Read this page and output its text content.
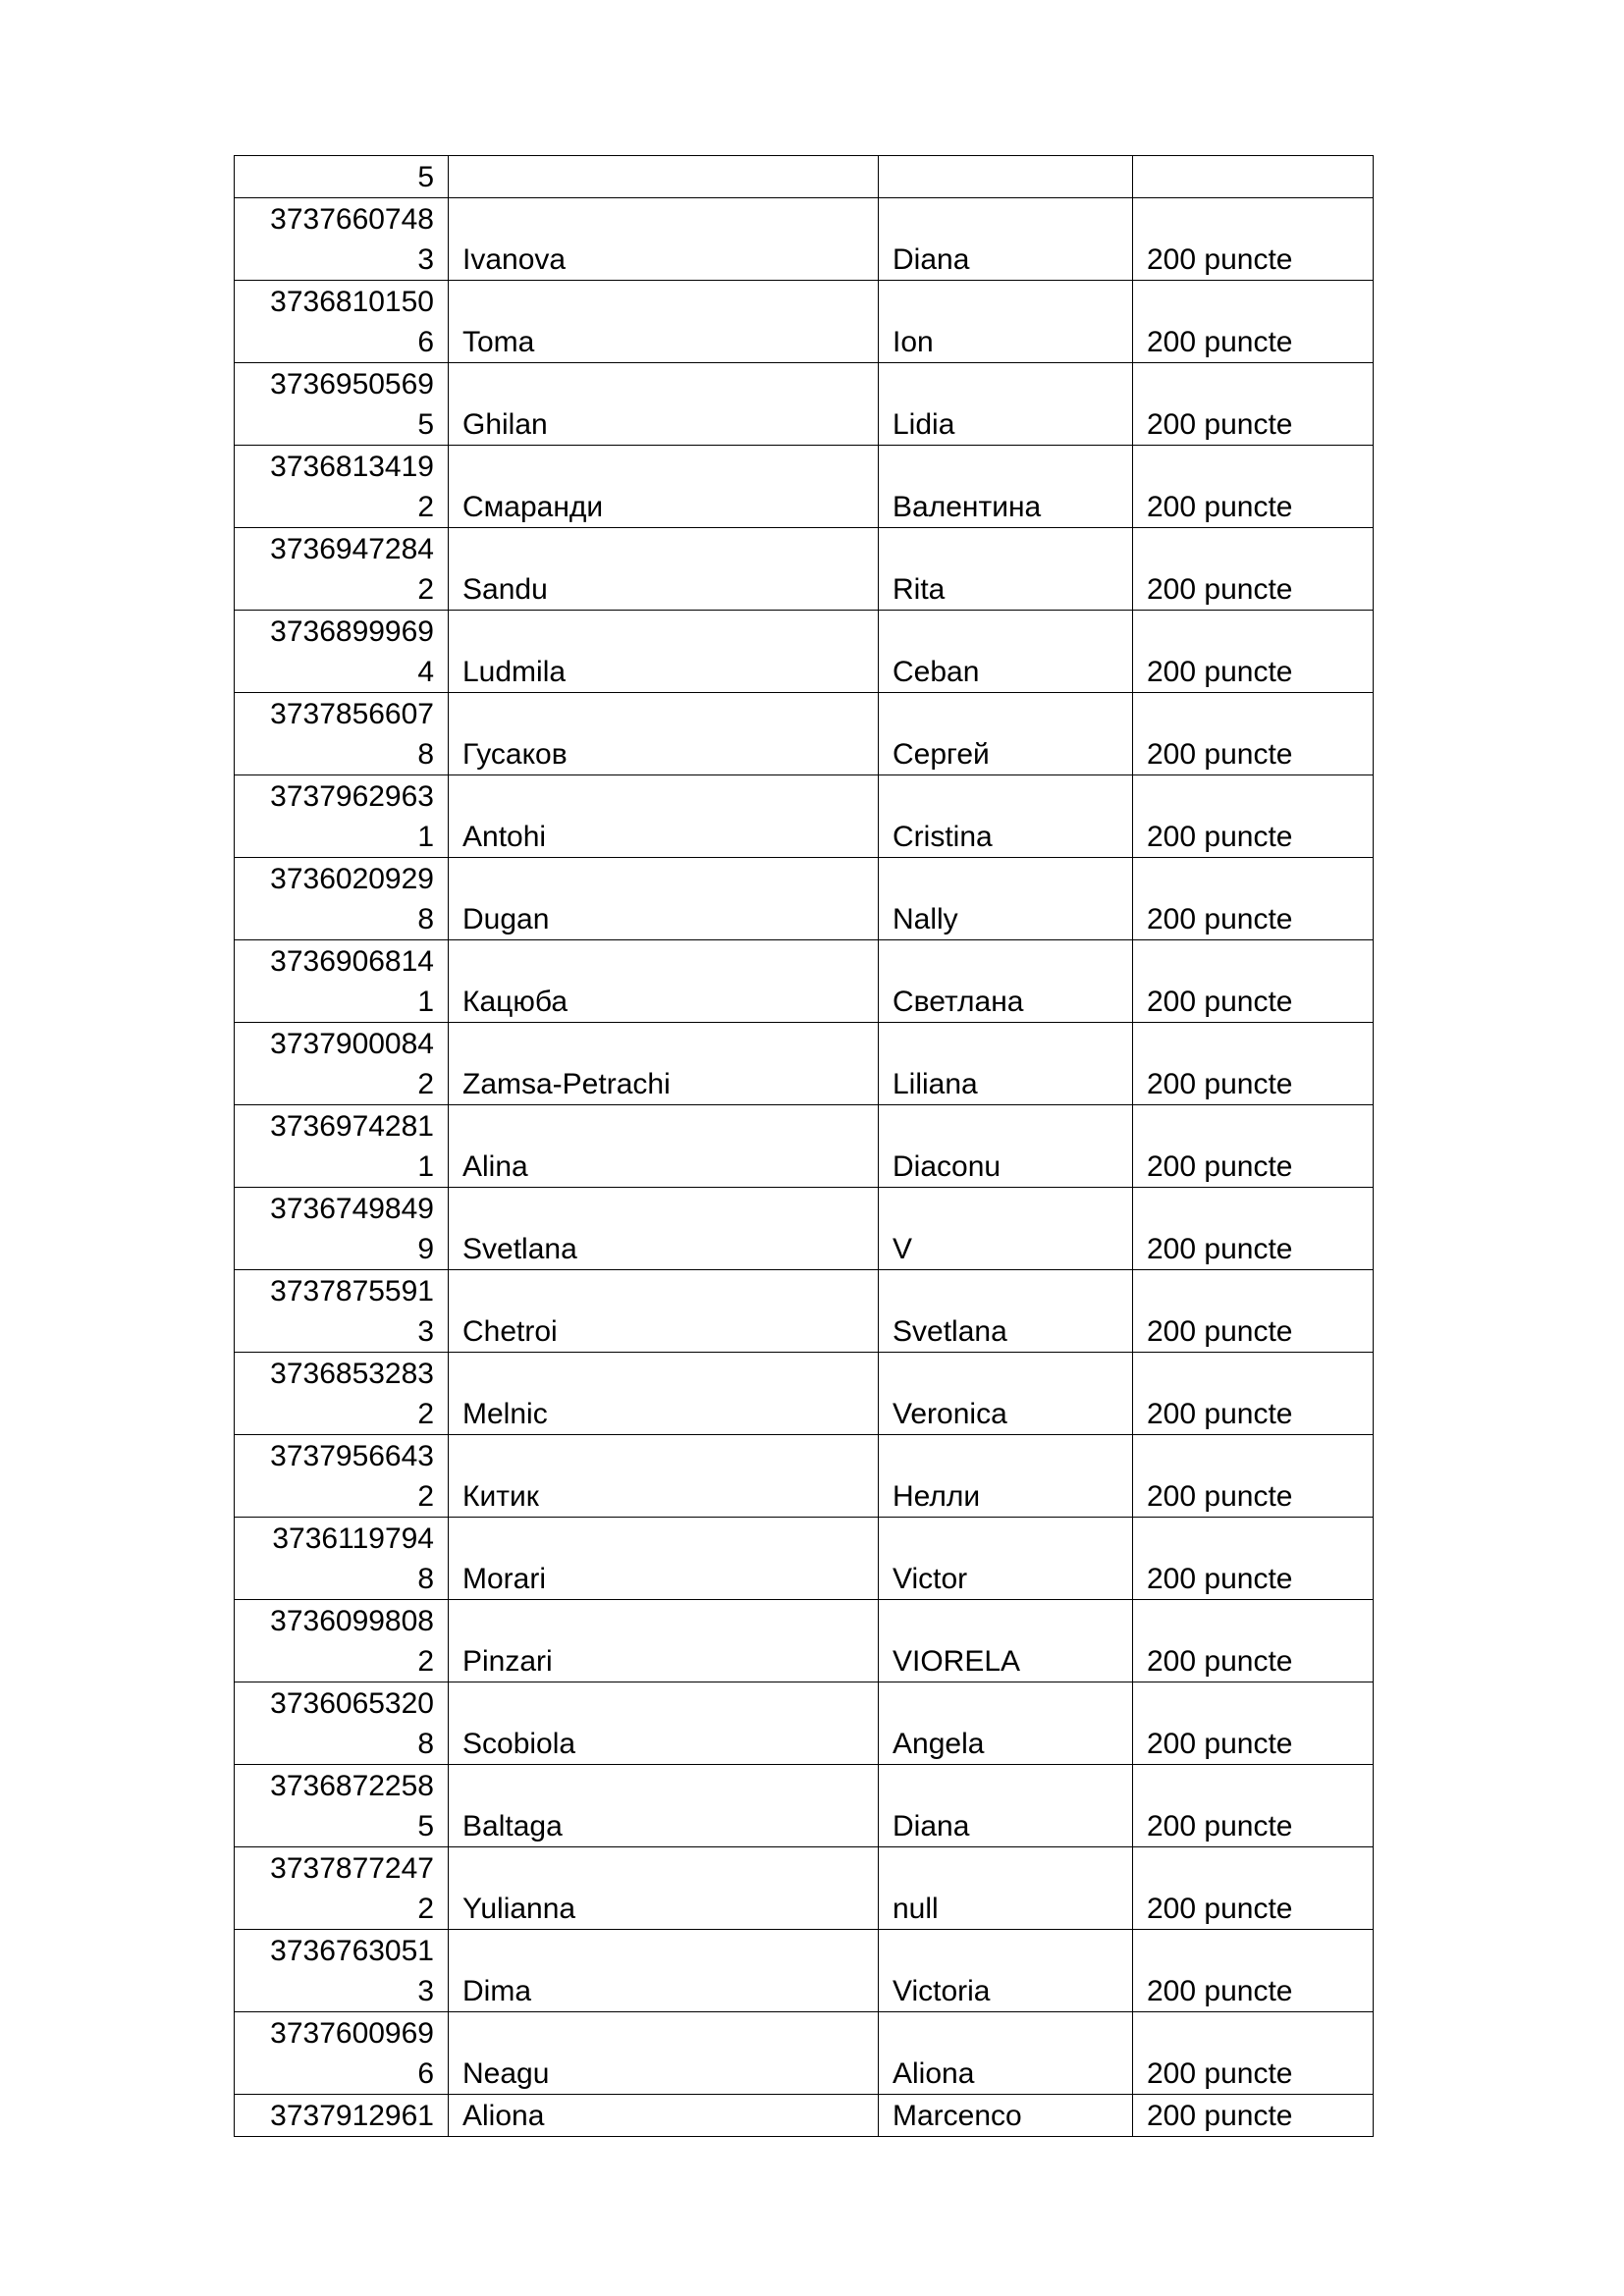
5			

3737660748
3	Ivanova	Diana	200 puncte

3736810150
6	Toma	Ion	200 puncte

3736950569
5	Ghilan	Lidia	200 puncte

3736813419
2	Смаранди	Валентина	200 puncte

3736947284
2	Sandu	Rita	200 puncte

3736899969
4	Ludmila	Ceban	200 puncte

3737856607
8	Гусаков	Сергей	200 puncte

3737962963
1	Antohi	Cristina	200 puncte

3736020929
8	Dugan	Nally	200 puncte

3736906814
1	Кацюба	Светлана	200 puncte

3737900084
2	Zamsa-Petrachi	Liliana	200 puncte

3736974281
1	Alina	Diaconu	200 puncte

3736749849
9	Svetlana	V	200 puncte

3737875591
3	Chetroi	Svetlana	200 puncte

3736853283
2	Melnic	Veronica	200 puncte

3737956643
2	Китик	Нелли	200 puncte

3736119794
8	Morari	Victor	200 puncte

3736099808
2	Pinzari	VIORELA	200 puncte

3736065320
8	Scobiola	Angela	200 puncte

3736872258
5	Baltaga	Diana	200 puncte

3737877247
2	Yulianna	null	200 puncte

3736763051
3	Dima	Victoria	200 puncte

3737600969
6	Neagu	Aliona	200 puncte

3737912961	Aliona	Marcenco	200 puncte
